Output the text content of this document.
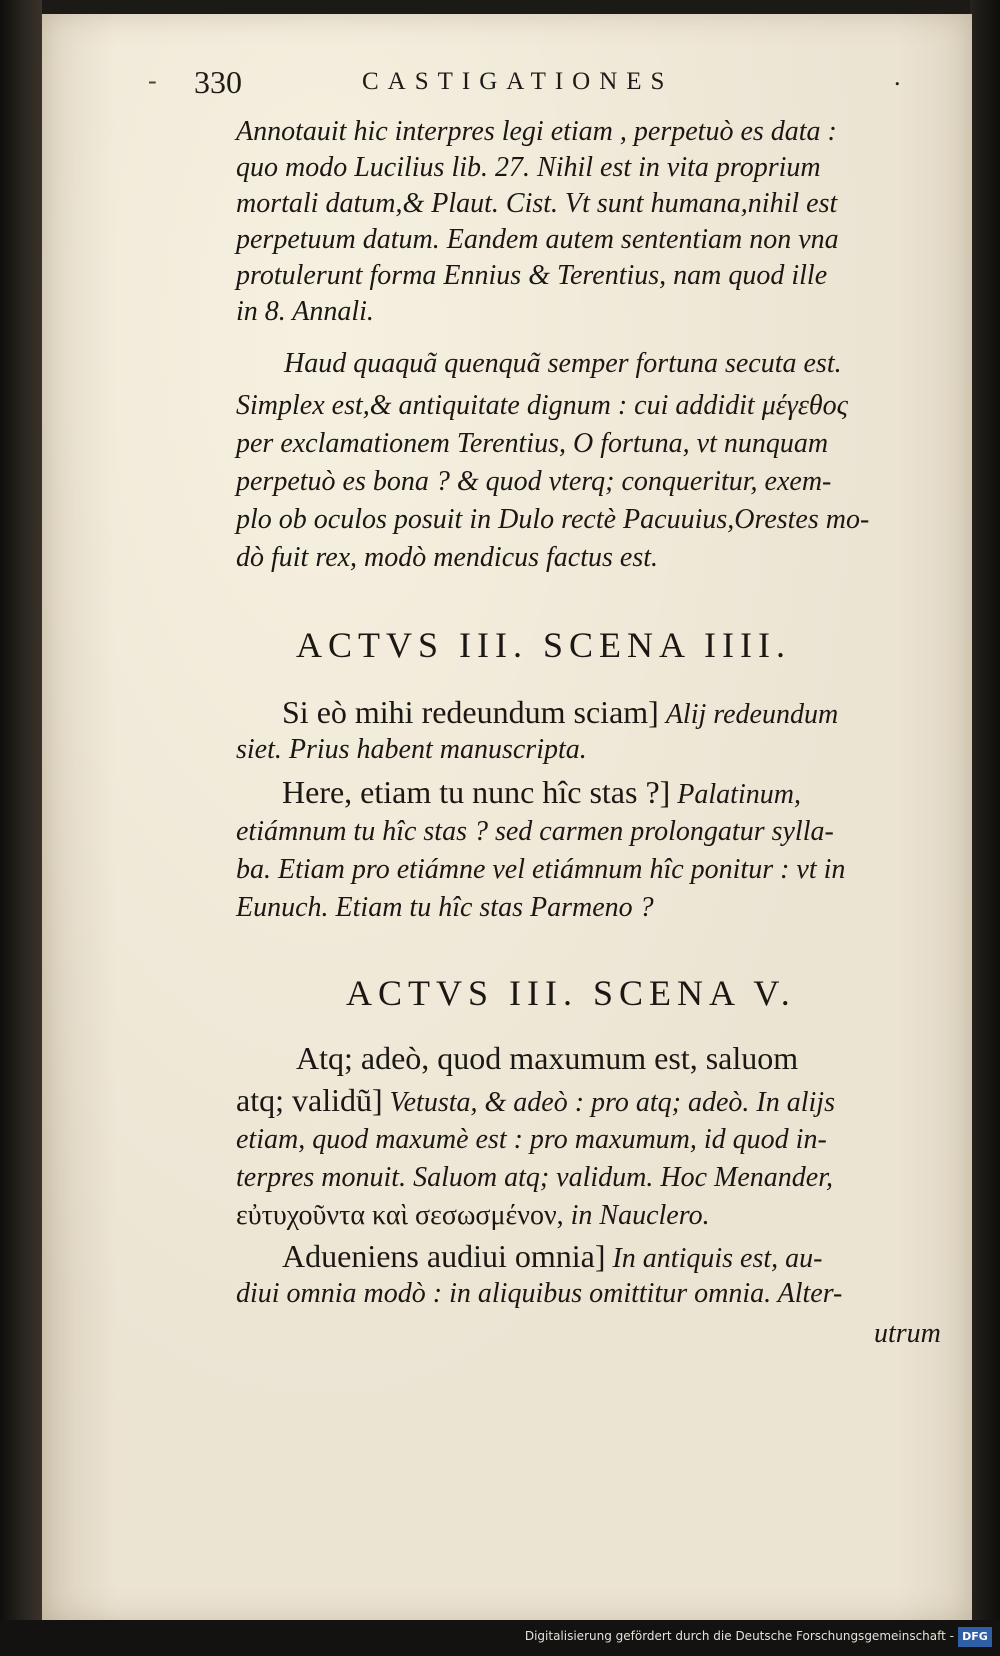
- 330	CASTIGATIONES	.
Annotauit hic interpres legi etiam , perpetuò es data :
quo modo Lucilius lib. 27. Nihil est in vita proprium
mortali datum,& Plaut. Cist. Vt sunt humana,nihil est
perpetuum datum. Eandem autem sententiam non vna
protulerunt forma Ennius & Terentius, nam quod ille
in 8. Annali.
Haud quaquã quenquã semper fortuna secuta est.
Simplex est,& antiquitate dignum : cui addidit μέγεθος
per exclamationem Terentius, O fortuna, vt nunquam
perpetuò es bona ? & quod vterq; conqueritur, exem-
plo ob oculos posuit in Dulo rectè Pacuuius,Orestes mo-
dò fuit rex, modò mendicus factus est.
ACTVS III. SCENA IIII.
Si eò mihi redeundum sciam] Alij redeundum
siet. Prius habent manuscripta.
Here, etiam tu nunc hîc stas ?] Palatinum,
etiámnum tu hîc stas ? sed carmen prolongatur sylla-
ba. Etiam pro etiámne vel etiámnum hîc ponitur : vt in
Eunuch. Etiam tu hîc stas Parmeno ?
ACTVS III. SCENA V.
Atq; adeò, quod maxumum est, saluom
atq; validũ] Vetusta, & adeò : pro atq; adeò. In alijs
etiam, quod maxumè est : pro maxumum, id quod in-
terpres monuit. Saluom atq; validum. Hoc Menander,
εὐτυχοῦντα καὶ σεσωσμένον, in Nauclero.
Adueniens audiui omnia] In antiquis est, au-
diui omnia modò : in aliquibus omittitur omnia. Alter-
utrum
Digitalisierung gefördert durch die Deutsche Forschungsgemeinschaft - DFG
